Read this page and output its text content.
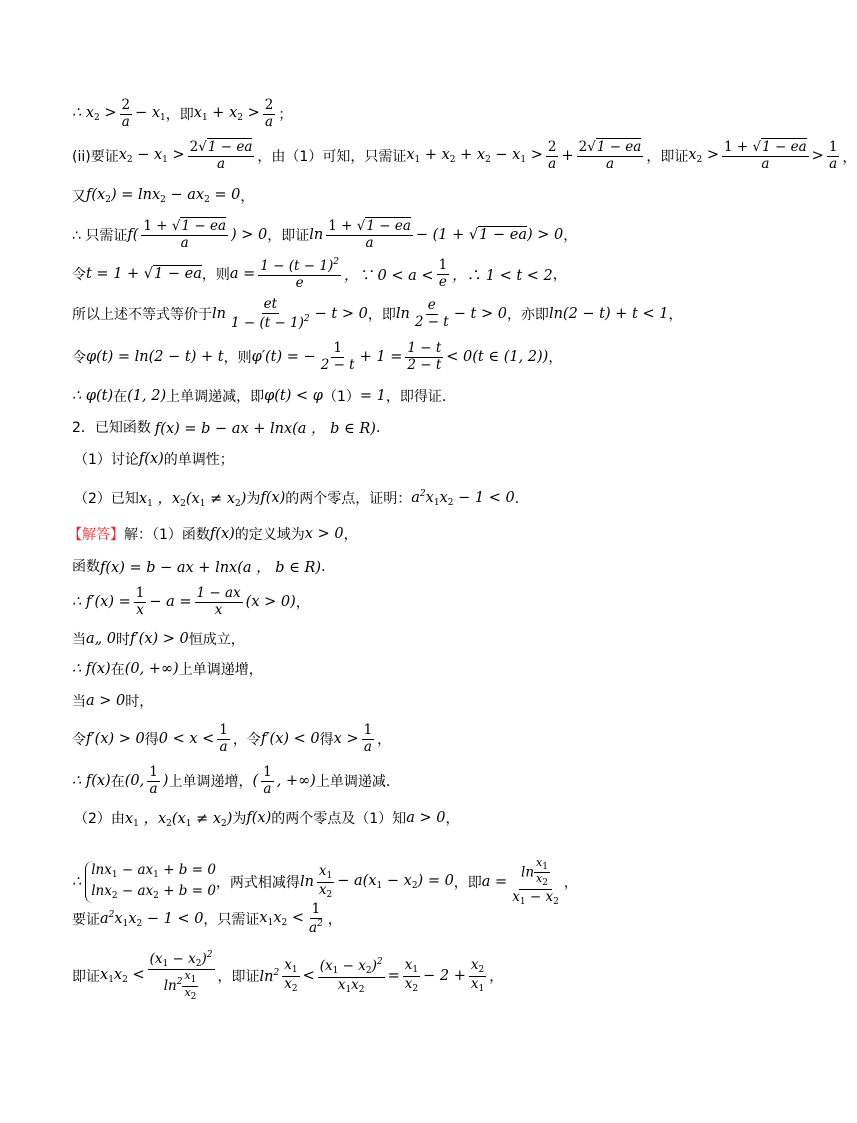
∴ $x_2$ >
2
a
− $x_1$ ，即 $x_1 + x_2$ >
2
a ；
(ii)要证 $x_2 - x_1$ >
2√1 − ea
a ，由（1）可知，只需证 $x_1 + x_2 + x_2 - x_1$ >
2
a +
2√1 − ea
a ，即证 $x_2$ >
1 + √1 − ea
a	>
1
a ，
又 $f(x_2) = \ln x_2 - ax_2 = 0$ ，
∴ 只需证 f(
1 + √1 − ea
a	) > 0 ，即证 ln
1 + √1 − ea
a	− (1 + √1 − ea) > 0 ，
令 t = 1 + √1 − ea ，则 $a = \frac{1 - (t - 1)^2}{e}$ ，∵ 0 < a <
1
e ，∴ 1 < t < 2 ，
所以上述不等式等价于 ln
et
$1 - (t - 1)^2 - t > 0$ ，即 ln
e
2 − t − t > 0 ，亦即 ln(2 − t) + t < 1 ，
令 φ(t) = ln(2 − t) + t ，则 φ′(t) = − $\frac{1}{2 - t} + 1 = \frac{1 - t}{2 - t} < 0(t$ ∈ (1, 2)) ，
∴ φ(t) 在 (1, 2) 上单调递减，即 φ(t) < φ （1） = 1 ，即得证．
2．已知函数 f(x) = b − ax + lnx(a ， b ∈ R) ．
（1）讨论 f(x) 的单调性；
（2）已知 $x_1$ ，$x_2(x_1 \ne x_2)$ 为 f(x) 的两个零点，证明： $a^2x_1x_2 - 1 < 0$ ．
【解答】 解：（1）函数 f(x) 的定义域为 x > 0 ，
函数 f(x) = b − ax + lnx(a ， b ∈ R) ．
∴ $f'(x) = \frac{1}{x} - a = \frac{1 - ax}{x} (x > 0)$ ，
当 a„ 0 时 f′(x) > 0 恒成立，
∴ f(x) 在 (0, +∞) 上单调递增，
当 a > 0 时，
令 f′(x) > 0 得 0 < x <
1
a ，令 f′(x) < 0 得 x >
1
a ，
∴ f(x) 在 (0,
1
a ) 上单调递增， (
1
a , +∞) 上单调递减．
（2）由 $x_1$ ，$x_2(x_1 \ne x_2)$ 为 f(x) 的两个零点及（1）知 a > 0 ，
∴
$\ln x_1 - ax_1 + b = 0$
$\ln x_2 - ax_2 + b = 0$ ，两式相减得 ln
$x_1$
$x_2$
− $a(x_1 - x_2) = 0$ ，即 $a = \frac{\ln \frac{x_1}{x_2}}{x_1 - x_2}$ ，
要证 $a^2x_1x_2 - 1 < 0$ ，只需证 $x_1x_2$ <
1
$a^2$ ，
即证 $x_1x_2$ <
$(x_1 - x_2)^2$
$\ln^2 \frac{x_1}{x_2}$ ，即证 $\ln^2 x_1$
$x_2$
< $\frac{(x_1 - x_2)^2}{x_1x_2} = \frac{x_1}{x_2} - 2 + \frac{x_2}{x_1}$ ，
